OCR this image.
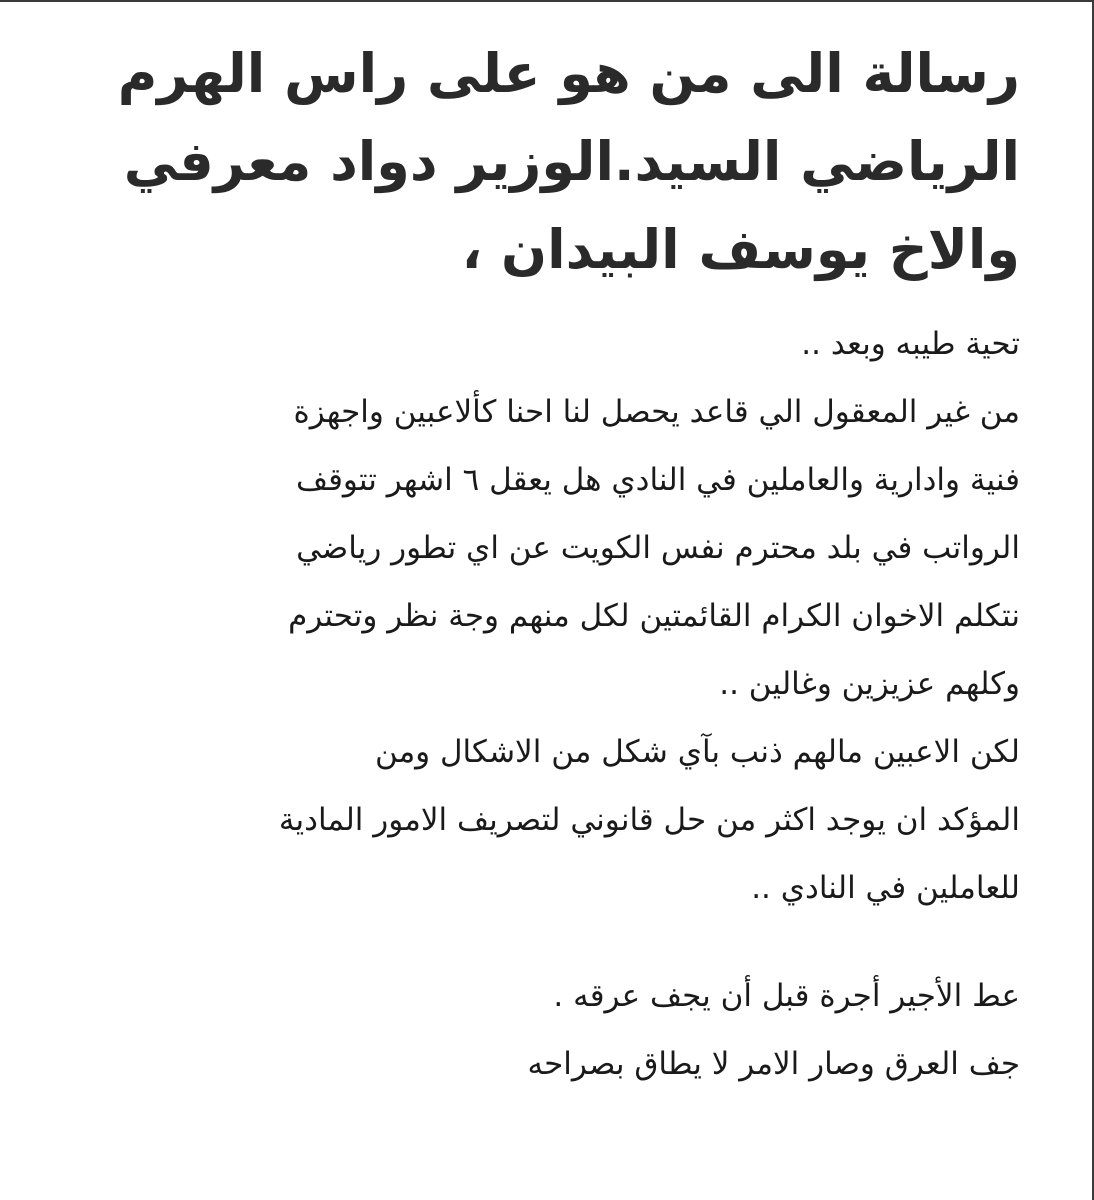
رسالة الى من هو على راس الهرم
الرياضي السيد.الوزير دواد معرفي
والاخ يوسف البيدان ،
تحية طيبه وبعد ..
من غير المعقول الي قاعد يحصل لنا احنا كألاعبين واجهزة
فنية وادارية والعاملين في النادي هل يعقل ٦ اشهر تتوقف
الرواتب في بلد محترم نفس الكويت عن اي تطور رياضي
نتكلم الاخوان الكرام القائمتين لكل منهم وجة نظر وتحترم
وكلهم عزيزين وغالين ..
لكن الاعبين مالهم ذنب بآي شكل من الاشكال ومن
المؤكد ان يوجد اكثر من حل قانوني لتصريف الامور المادية
للعاملين في النادي ..
عط الأجير أجرة قبل أن يجف عرقه .
جف العرق وصار الامر لا يطاق بصراحه
